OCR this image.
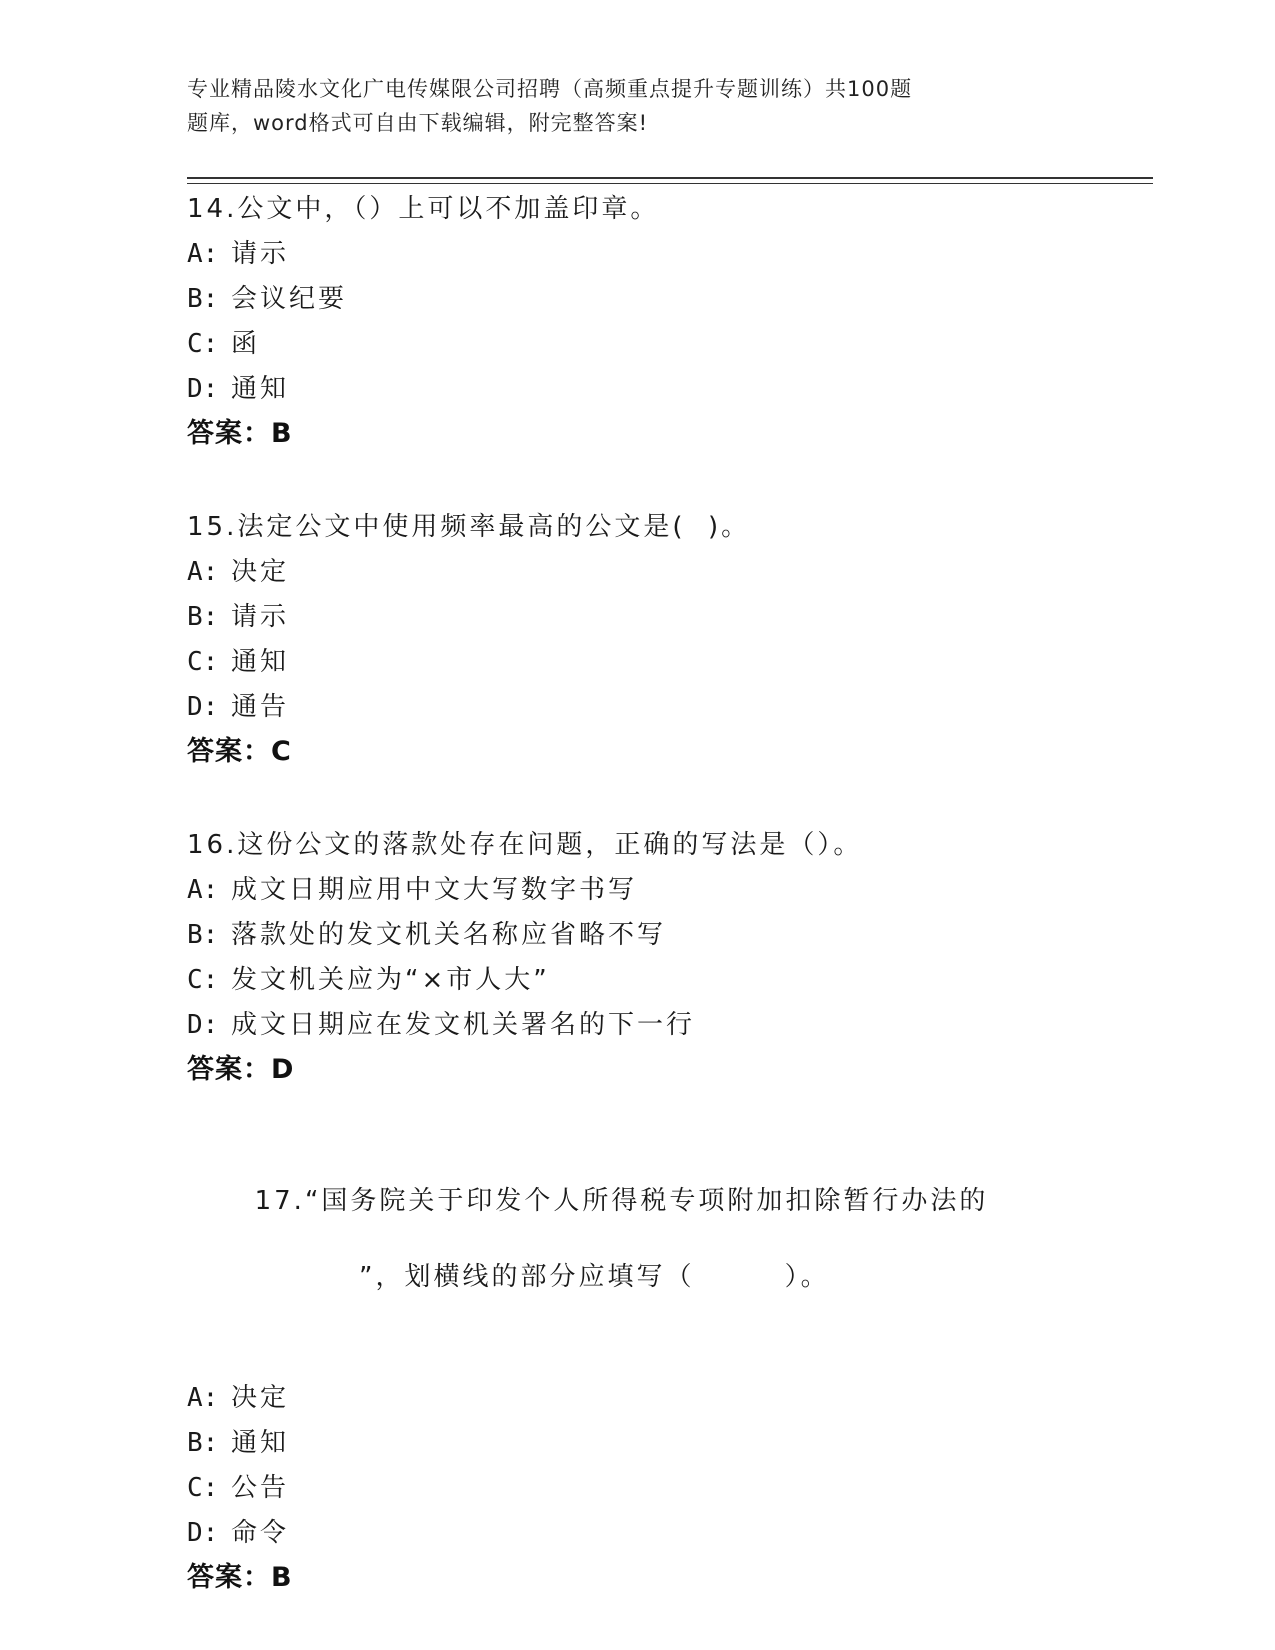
专业精品陵水文化广电传媒限公司招聘（高频重点提升专题训练）共100题
题库，word格式可自由下载编辑，附完整答案!
14.公文中，（）上可以不加盖印章。
A: 请示
B: 会议纪要
C: 函
D: 通知
答案：B
15.法定公文中使用频率最高的公文是(  )。
A: 决定
B: 请示
C: 通知
D: 通告
答案：C
16.这份公文的落款处存在问题，正确的写法是（）。
A: 成文日期应用中文大写数字书写
B: 落款处的发文机关名称应省略不写
C: 发文机关应为“×市人大”
D: 成文日期应在发文机关署名的下一行
答案：D

17.“国务院关于印发个人所得税专项附加扣除暂行办法的

”，划横线的部分应填写（        ）。

A: 决定
B: 通知
C: 公告
D: 命令
答案：B
